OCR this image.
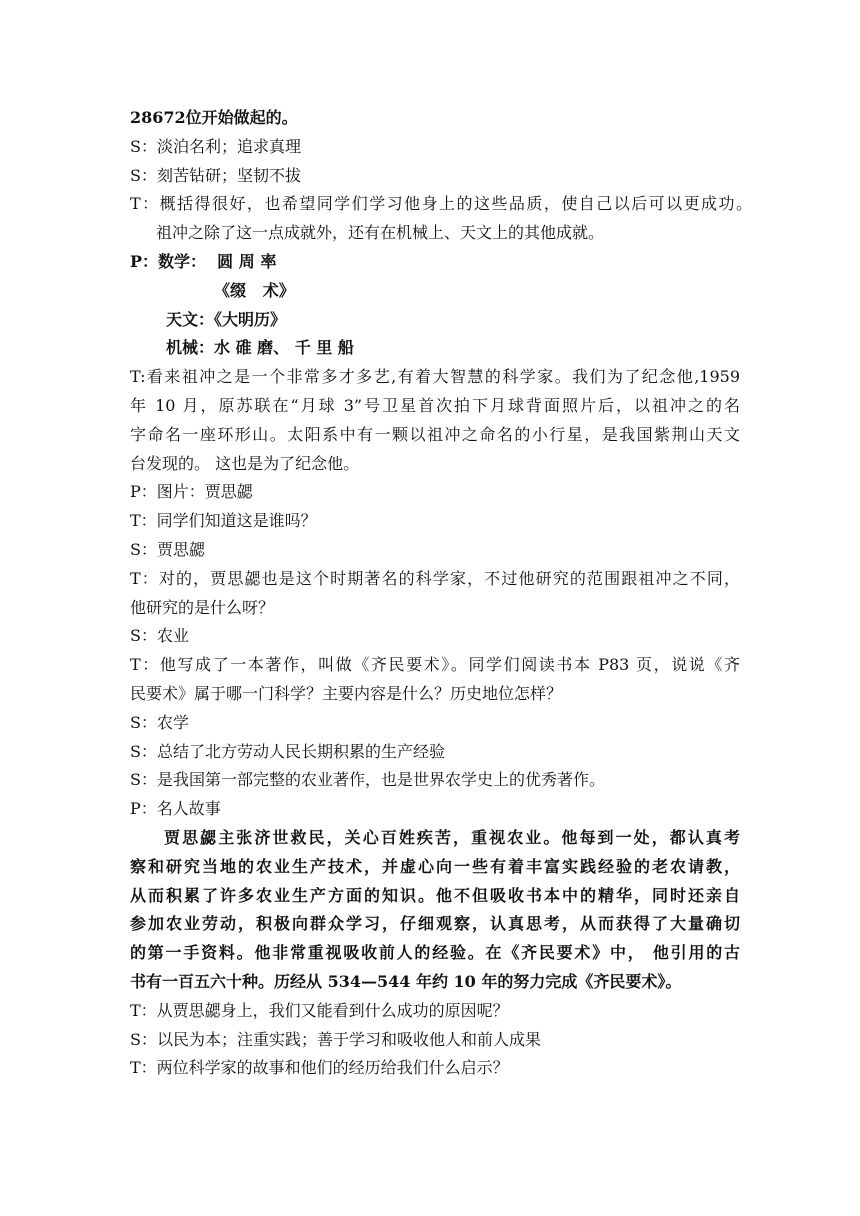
28672位开始做起的。
S：淡泊名利；追求真理
S：刻苦钻研；坚韧不拔
T：概括得很好，也希望同学们学习他身上的这些品质，使自己以后可以更成功。
祖冲之除了这一点成就外，还有在机械上、天文上的其他成就。
P：数学：  圆 周 率
《缀   术》
天文：《大明历》
机械：水 碓 磨、 千 里 船
T:看来祖冲之是一个非常多才多艺,有着大智慧的科学家。我们为了纪念他,1959
年 10 月，原苏联在“月球 3”号卫星首次拍下月球背面照片后，以祖冲之的名
字命名一座环形山。太阳系中有一颗以祖冲之命名的小行星，是我国紫荆山天文
台发现的。 这也是为了纪念他。
P：图片：贾思勰
T：同学们知道这是谁吗？
S：贾思勰
T：对的，贾思勰也是这个时期著名的科学家，不过他研究的范围跟祖冲之不同，
他研究的是什么呀？
S：农业
T：他写成了一本著作，叫做《齐民要术》。同学们阅读书本 P83 页，说说《齐
民要术》属于哪一门科学？主要内容是什么？历史地位怎样？
S：农学
S：总结了北方劳动人民长期积累的生产经验
S：是我国第一部完整的农业著作，也是世界农学史上的优秀著作。
P：名人故事
贾思勰主张济世救民，关心百姓疾苦，重视农业。他每到一处，都认真考
察和研究当地的农业生产技术，并虚心向一些有着丰富实践经验的老农请教，
从而积累了许多农业生产方面的知识。他不但吸收书本中的精华，同时还亲自
参加农业劳动，积极向群众学习，仔细观察，认真思考，从而获得了大量确切
的第一手资料。他非常重视吸收前人的经验。在《齐民要术》中， 他引用的古
书有一百五六十种。历经从 534—544 年约 10 年的努力完成《齐民要术》。
T：从贾思勰身上，我们又能看到什么成功的原因呢？
S：以民为本；注重实践；善于学习和吸收他人和前人成果
T：两位科学家的故事和他们的经历给我们什么启示？
